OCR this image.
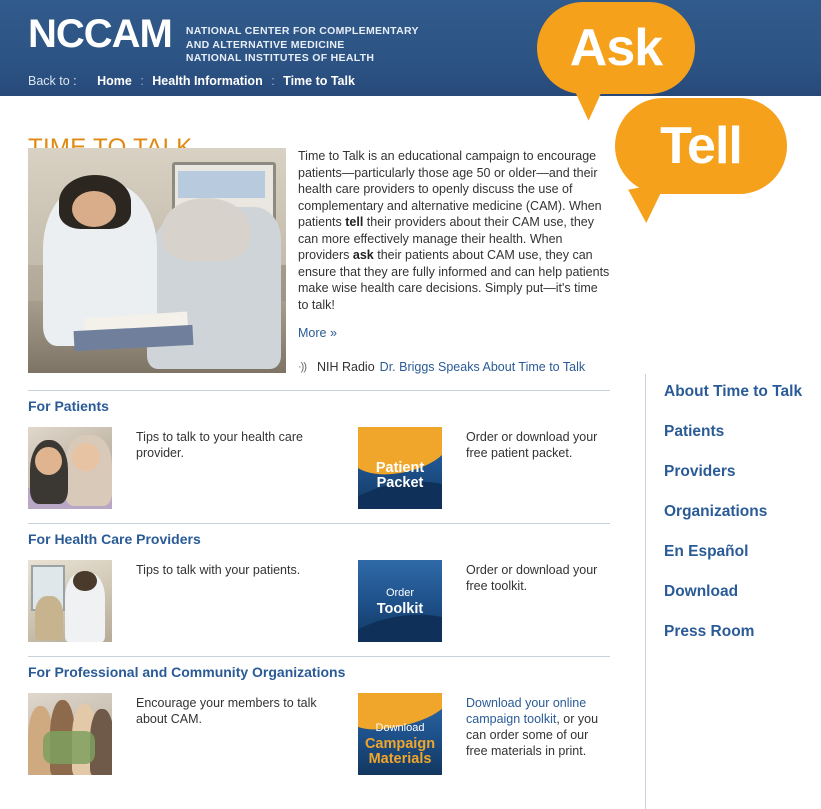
NCCAM NATIONAL CENTER FOR COMPLEMENTARY
AND ALTERNATIVE MEDICINE
NATIONAL INSTITUTES OF HEALTH
Back to : Home : Health Information : Time to Talk
Ask
Tell

Time to Talk is an educational campaign to encourage patients—particularly those age 50 or older—and their health care providers to openly discuss the use of complementary and alternative medicine (CAM). When patients tell their providers about their CAM use, they can more effectively manage their health. When providers ask their patients about CAM use, they can ensure that they are fully informed and can help patients make wise health care decisions. Simply put—it's time to talk!

More »
·)) NIH Radio Dr. Briggs Speaks About Time to Talk
For Patients
Tips to talk to your health care provider.	Order
Patient
Packet
Order or download your free patient packet.
For Health Care Providers
Tips to talk with your patients.
Order
Toolkit
Order or download your free toolkit.
For Professional and Community Organizations
Encourage your members to talk about CAM.
Download
Campaign
Materials
Download your online campaign toolkit, or you can order some of our free materials in print.
About Time to Talk
Patients
Providers
Organizations
En Español
Download
Press Room
